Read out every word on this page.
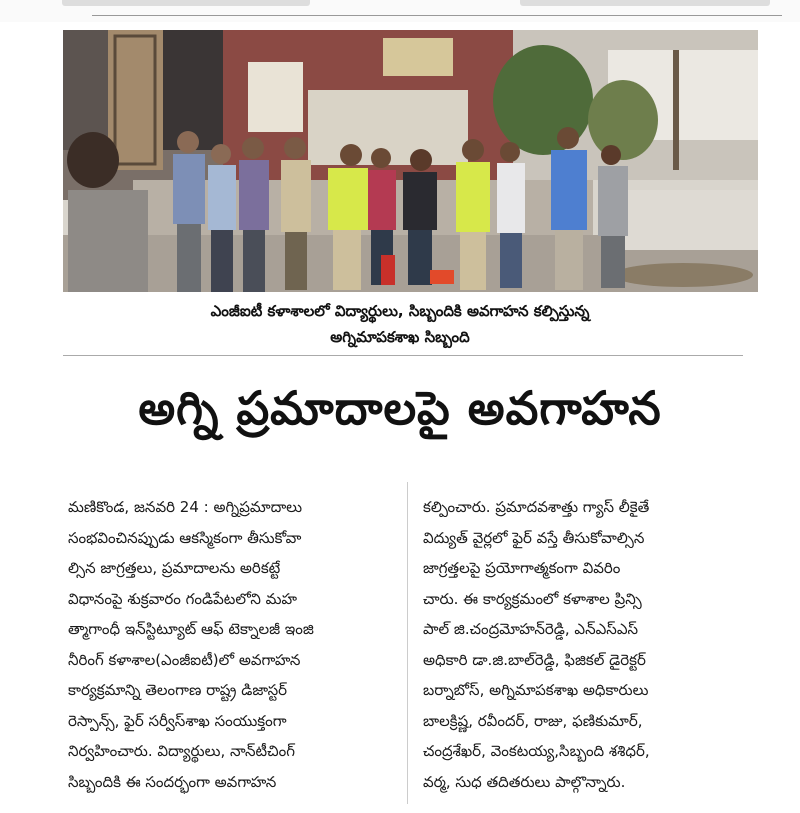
ఎంజీఐటీ కళాశాలలో విద్యార్థులు, సిబ్బందికి అవగాహన కల్పిస్తున్న
అగ్నిమాపకశాఖ సిబ్బంది
అగ్ని ప్రమాదాలపై అవగాహన
మణికొండ, జనవరి 24 : అగ్నిప్రమాదాలు
సంభవించినప్పుడు ఆకస్మికంగా తీసుకోవా
ల్సిన జాగ్రత్తలు, ప్రమాదాలను అరికట్టే
విధానంపై శుక్రవారం గండిపేటలోని మహ
త్మాగాంధీ ఇన్‌స్టిట్యూట్ ఆఫ్ టెక్నాలజీ ఇంజి
నీరింగ్ కళాశాల(ఎంజీఐటీ)లో అవగాహన
కార్యక్రమాన్ని తెలంగాణ రాష్ట్ర డిజాస్టర్
రెస్పాన్స్, ఫైర్ సర్వీస్‌శాఖ సంయుక్తంగా
నిర్వహించారు. విద్యార్థులు, నాన్‌టీచింగ్
సిబ్బందికి ఈ సందర్భంగా అవగాహన
కల్పించారు. ప్రమాదవశాత్తు గ్యాస్ లీకైతే
విద్యుత్ వైర్లలో ఫైర్ వస్తే తీసుకోవాల్సిన
జాగ్రత్తలపై ప్రయోగాత్మకంగా వివరిం
చారు. ఈ కార్యక్రమంలో కళాశాల ప్రిన్సి
పాల్ జి.చంద్రమోహన్‌రెడ్డి, ఎన్ఎస్ఎస్
అధికారి డా.జి.బాల్‌రెడ్డి, ఫిజికల్ డైరెక్టర్
బర్నాబోస్, అగ్నిమాపకశాఖ అధికారులు
బాలక్రిష్ణ, రవీందర్, రాజు, ఫణికుమార్,
చంద్రశేఖర్, వెంకటయ్య,సిబ్బంది శశిధర్,
వర్మ, సుధ తదితరులు పాల్గొన్నారు.
